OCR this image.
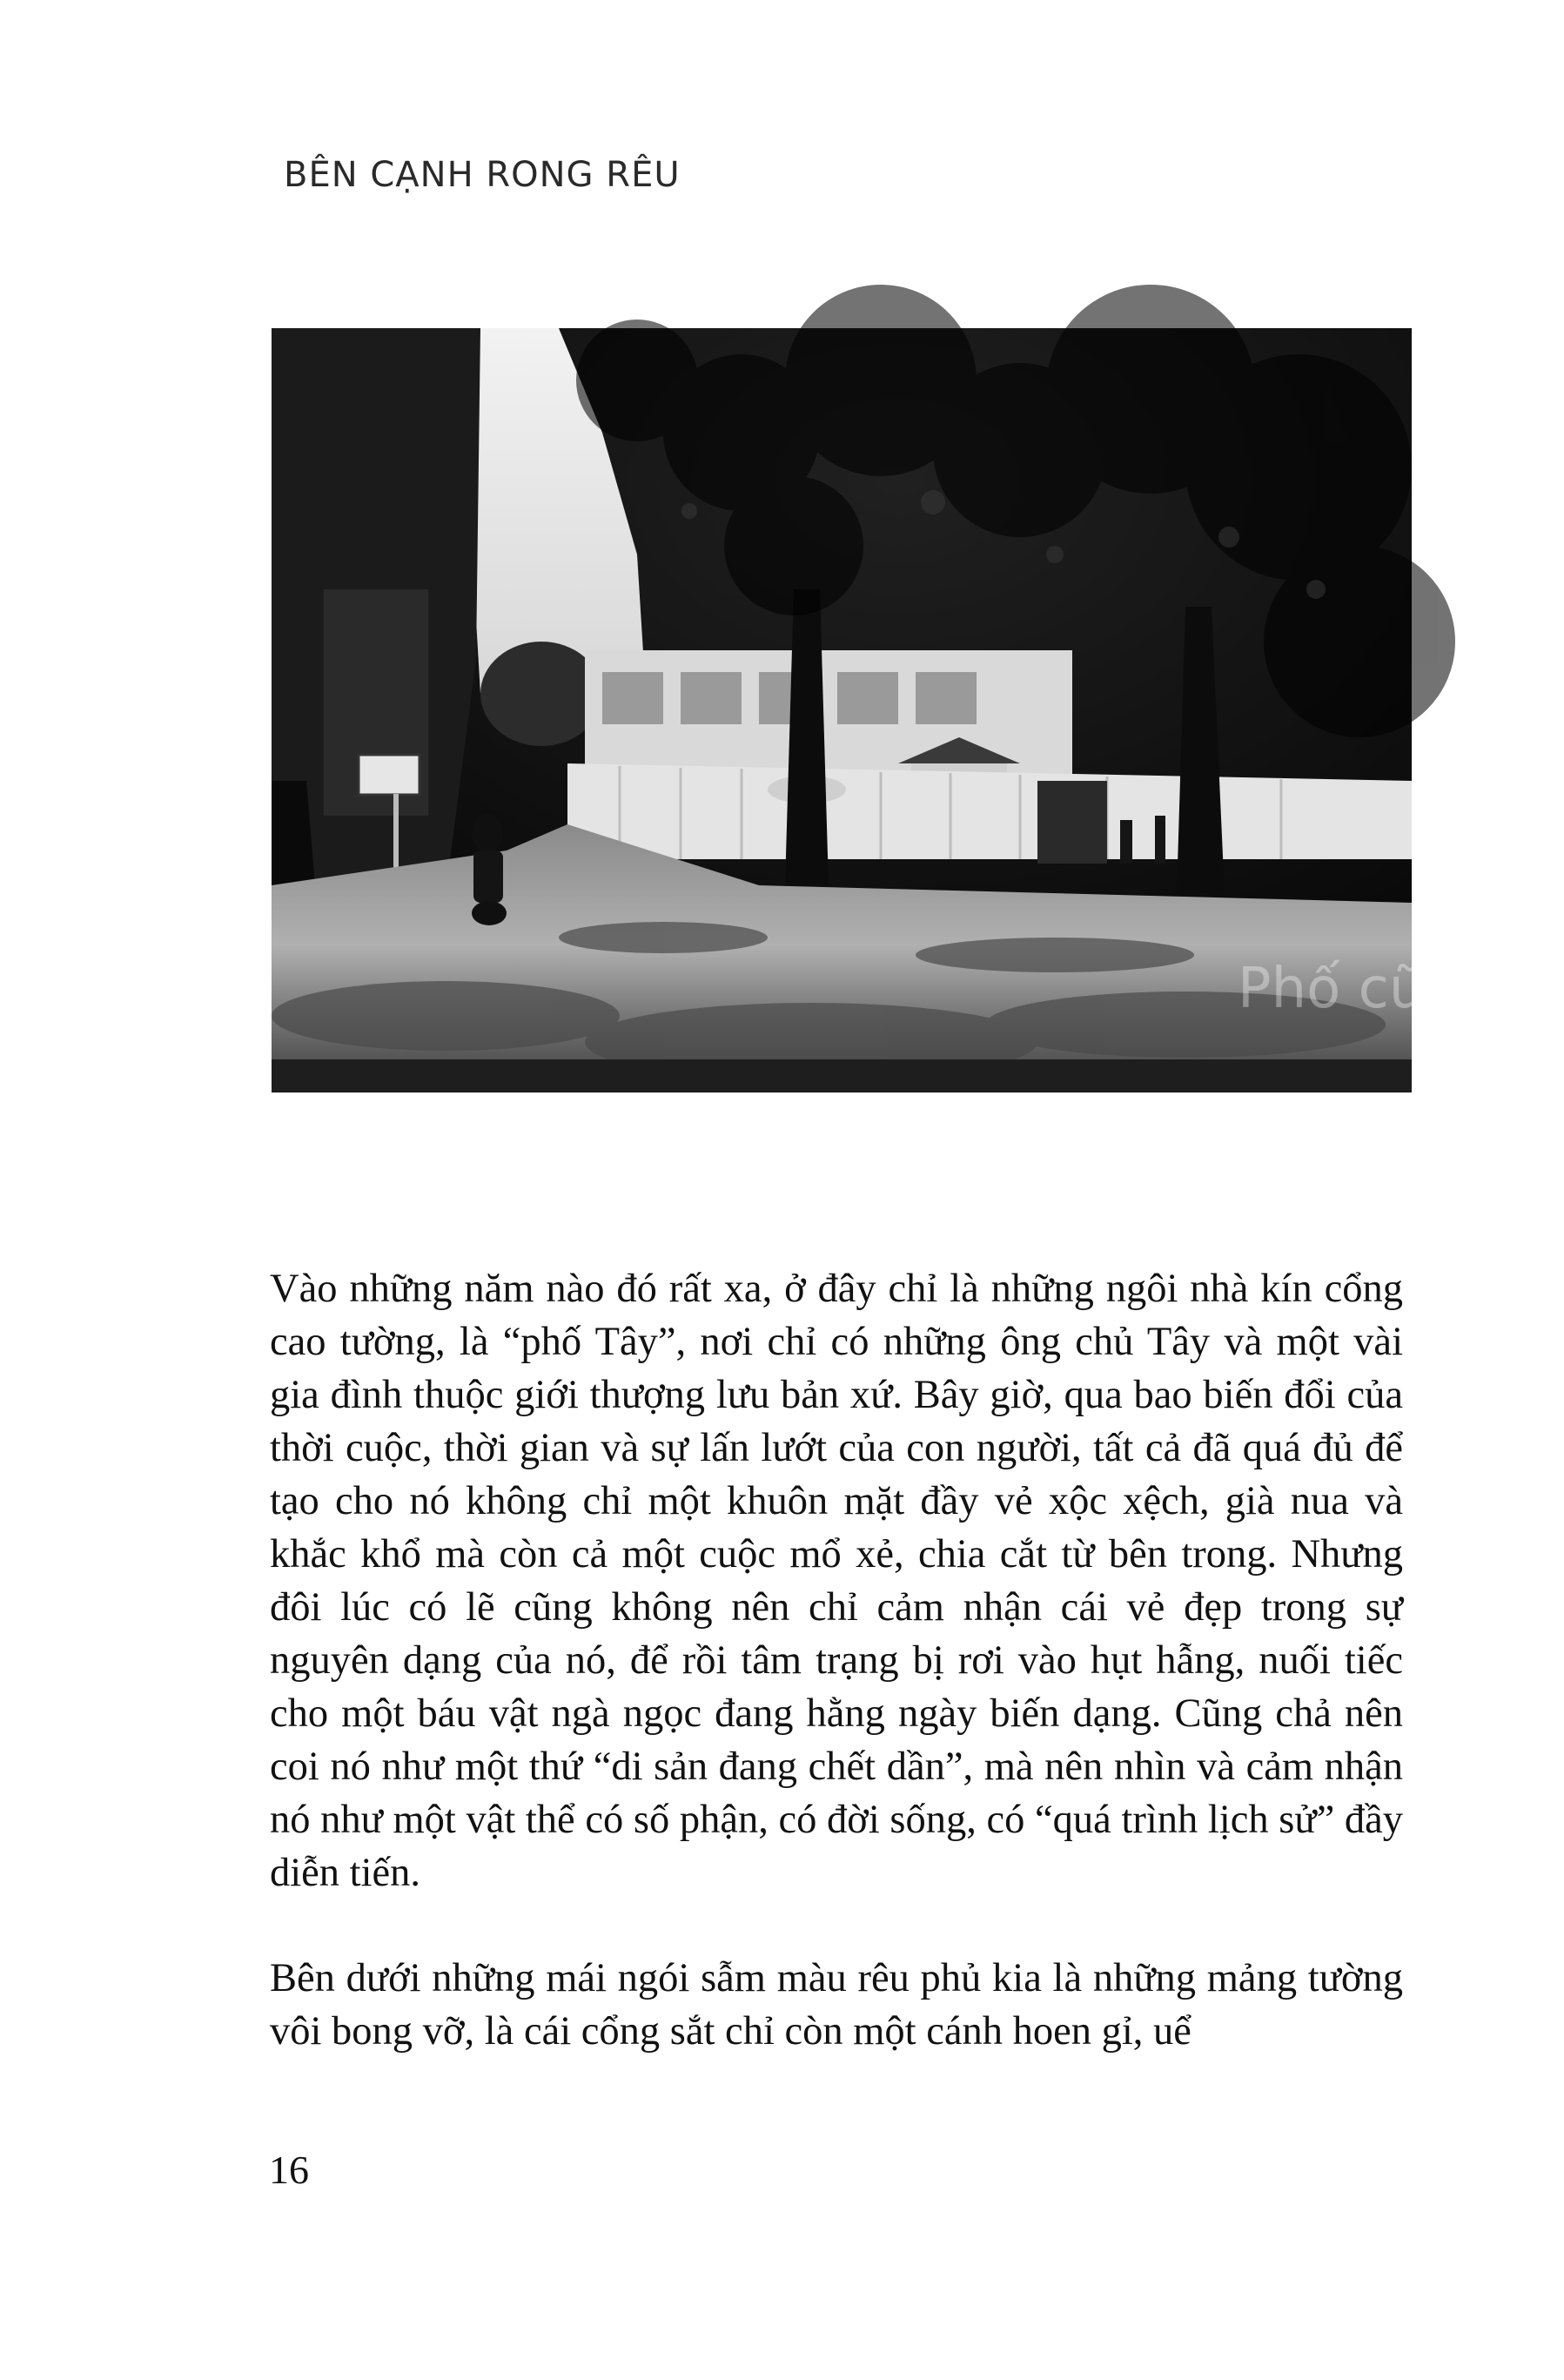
BÊN CẠNH RONG RÊU
Phố cũ...

Vào những năm nào đó rất xa, ở đây chỉ là những ngôi nhà kín cổng cao tường, là “phố Tây”, nơi chỉ có những ông chủ Tây và một vài gia đình thuộc giới thượng lưu bản xứ. Bây giờ, qua bao biến đổi của thời cuộc, thời gian và sự lấn lướt của con người, tất cả đã quá đủ để tạo cho nó không chỉ một khuôn mặt đầy vẻ xộc xệch, già nua và khắc khổ mà còn cả một cuộc mổ xẻ, chia cắt từ bên trong. Nhưng đôi lúc có lẽ cũng không nên chỉ cảm nhận cái vẻ đẹp trong sự nguyên dạng của nó, để rồi tâm trạng bị rơi vào hụt hẫng, nuối tiếc cho một báu vật ngà ngọc đang hằng ngày biến dạng. Cũng chả nên coi nó như một thứ “di sản đang chết dần”, mà nên nhìn và cảm nhận nó như một vật thể có số phận, có đời sống, có “quá trình lịch sử” đầy diễn tiến.

Bên dưới những mái ngói sẫm màu rêu phủ kia là những mảng tường vôi bong vỡ, là cái cổng sắt chỉ còn một cánh hoen gỉ, uể

16
